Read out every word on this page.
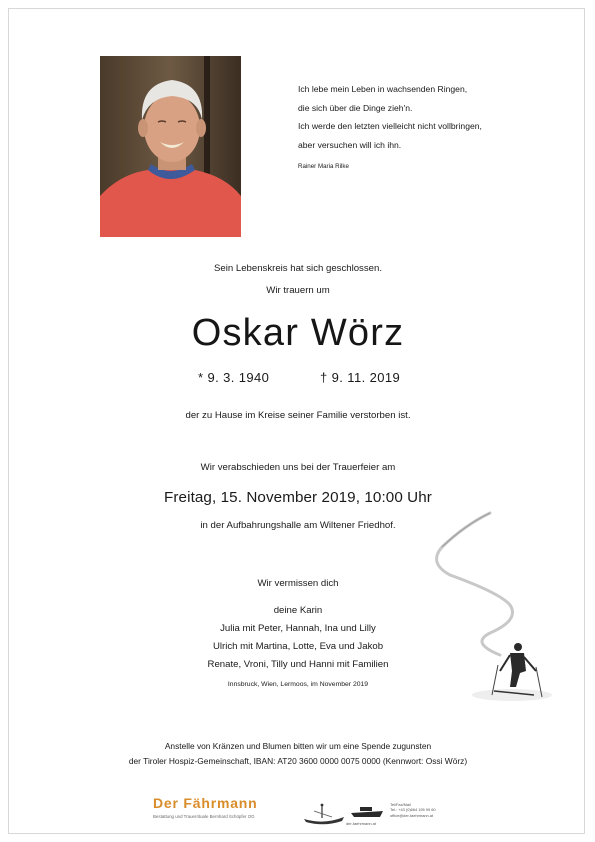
Ich lebe mein Leben in wachsenden Ringen,
die sich über die Dinge zieh'n.
Ich werde den letzten vielleicht nicht vollbringen,
aber versuchen will ich ihn.
Rainer Maria Rilke
Sein Lebenskreis hat sich geschlossen.
Wir trauern um
Oskar Wörz
* 9. 3. 1940	† 9. 11. 2019
der zu Hause im Kreise seiner Familie verstorben ist.
Wir verabschieden uns bei der Trauerfeier am
Freitag, 15. November 2019, 10:00 Uhr
in der Aufbahrungshalle am Wiltener Friedhof.
Wir vermissen dich
deine Karin
Julia mit Peter, Hannah, Ina und Lilly
Ulrich mit Martina, Lotte, Eva und Jakob
Renate, Vroni, Tilly und Hanni mit Familien
Innsbruck, Wien, Lermoos, im November 2019
Anstelle von Kränzen und Blumen bitten wir um eine Spende zugunsten
der Tiroler Hospiz-Gemeinschaft, IBAN: AT20 3600 0000 0075 0000 (Kennwort: Ossi Wörz)
Der Fährmann
Bestattung und Trauerrituale Bernhard Schöpfer OG
der-faehrmann.at
Tel/Fax/Mail
Tel.: +43 (0)664 195 99 60
office@der-faehrmann.at
